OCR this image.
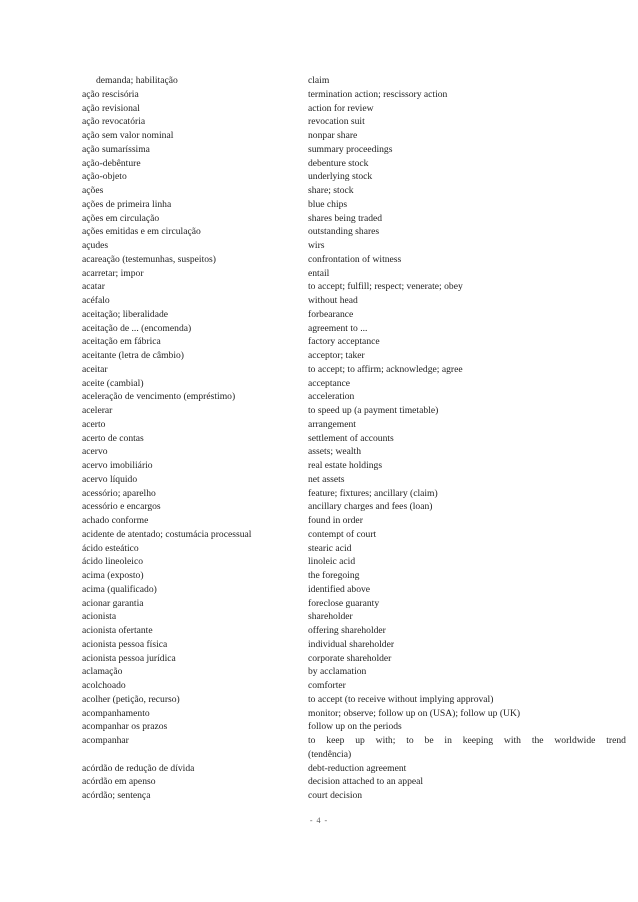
demanda; habilitação	claim
ação rescisória	termination action; rescissory action
ação revisional	action for review
ação revocatória	revocation suit
ação sem valor nominal	nonpar share
ação sumaríssima	summary proceedings
ação-debênture	debenture stock
ação-objeto	underlying stock
ações	share; stock
ações de primeira linha	blue chips
ações em circulação	shares being traded
ações emitidas e em circulação	outstanding shares
açudes	wirs
acareação (testemunhas, suspeitos)	confrontation of witness
acarretar; impor	entail
acatar	to accept; fulfill; respect; venerate; obey
acéfalo	without head
aceitação; liberalidade	forbearance
aceitação de ... (encomenda)	agreement to ...
aceitação em fábrica	factory acceptance
aceitante (letra de câmbio)	acceptor; taker
aceitar	to accept; to affirm; acknowledge; agree
aceite (cambial)	acceptance
aceleração de vencimento (empréstimo)	acceleration
acelerar	to speed up (a payment timetable)
acerto	arrangement
acerto de contas	settlement of accounts
acervo	assets; wealth
acervo imobiliário	real estate holdings
acervo líquido	net assets
acessório; aparelho	feature; fixtures; ancillary (claim)
acessório e encargos	ancillary charges and fees (loan)
achado conforme	found in order
acidente de atentado; costumácia processual	contempt of court
ácido esteático	stearic acid
ácido lineoleico	linoleic acid
acima (exposto)	the foregoing
acima (qualificado)	identified above
acionar garantia	foreclose guaranty
acionista	shareholder
acionista ofertante	offering shareholder
acionista pessoa física	individual shareholder
acionista pessoa jurídica	corporate shareholder
aclamação	by acclamation
acolchoado	comforter
acolher (petição, recurso)	to accept (to receive without implying approval)
acompanhamento	monitor; observe; follow up on (USA); follow up (UK)
acompanhar os prazos	follow up on the periods
acompanhar	to keep up with; to be in keeping with the worldwide trend
(tendência)
acórdão de redução de dívida	debt-reduction agreement
acórdão em apenso	decision attached to an appeal
acórdão; sentença	court decision
- 4 -
